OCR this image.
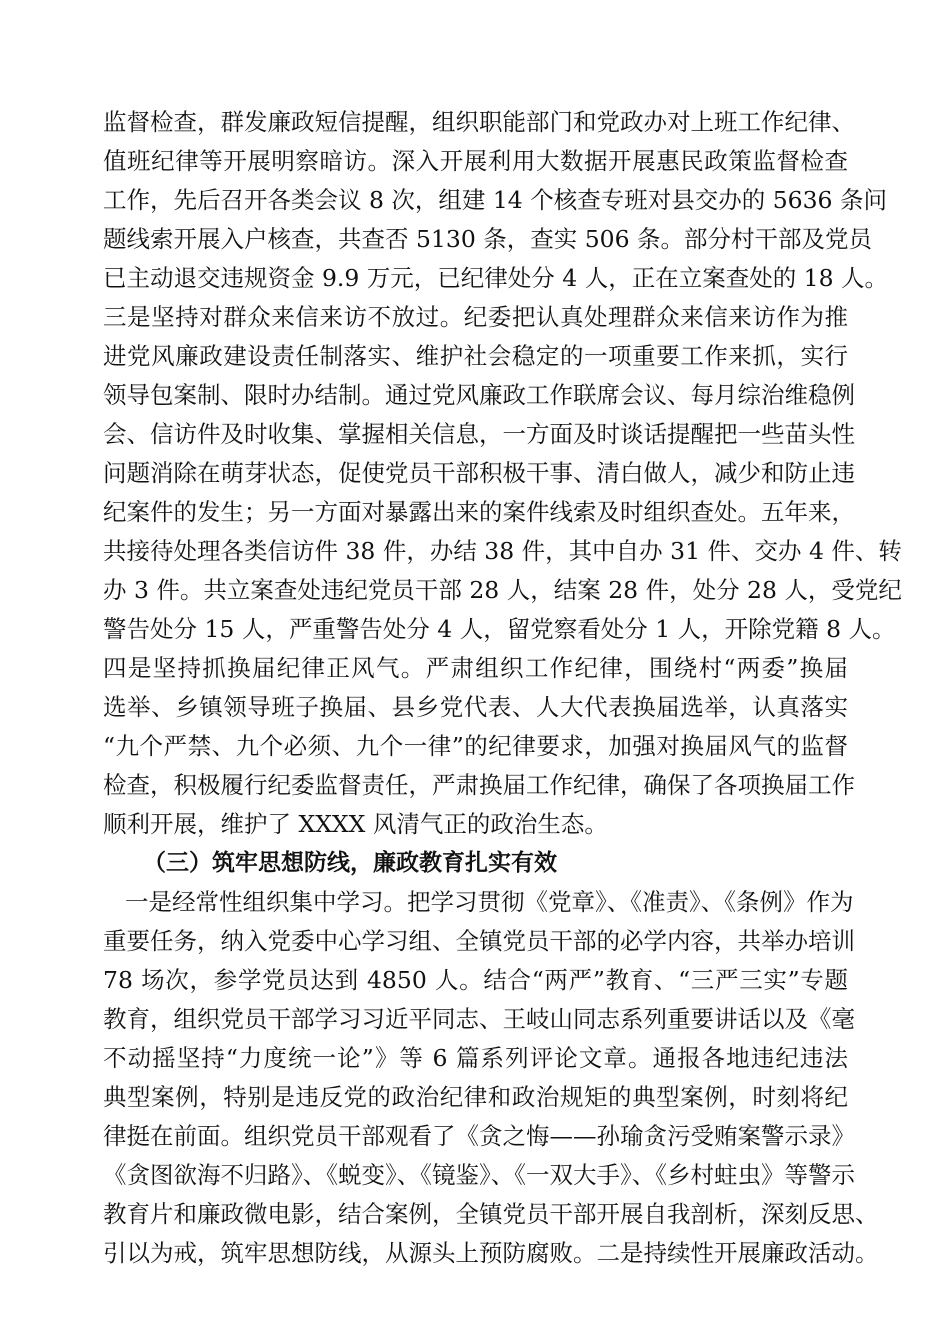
监督检查，群发廉政短信提醒，组织职能部门和党政办对上班工作纪律、
值班纪律等开展明察暗访。深入开展利用大数据开展惠民政策监督检查
工作，先后召开各类会议 8 次，组建 14 个核查专班对县交办的 5636 条问
题线索开展入户核查，共查否 5130 条，查实 506 条。部分村干部及党员
已主动退交违规资金 9.9 万元，已纪律处分 4 人，正在立案查处的 18 人。
三是坚持对群众来信来访不放过。纪委把认真处理群众来信来访作为推
进党风廉政建设责任制落实、维护社会稳定的一项重要工作来抓，实行
领导包案制、限时办结制。通过党风廉政工作联席会议、每月综治维稳例
会、信访件及时收集、掌握相关信息，一方面及时谈话提醒把一些苗头性
问题消除在萌芽状态，促使党员干部积极干事、清白做人，减少和防止违
纪案件的发生；另一方面对暴露出来的案件线索及时组织查处。五年来，
共接待处理各类信访件 38 件，办结 38 件，其中自办 31 件、交办 4 件、转
办 3 件。共立案查处违纪党员干部 28 人，结案 28 件，处分 28 人，受党纪
警告处分 15 人，严重警告处分 4 人，留党察看处分 1 人，开除党籍 8 人。
四是坚持抓换届纪律正风气。严肃组织工作纪律，围绕村“两委”换届
选举、乡镇领导班子换届、县乡党代表、人大代表换届选举，认真落实
“九个严禁、九个必须、九个一律”的纪律要求，加强对换届风气的监督
检查，积极履行纪委监督责任，严肃换届工作纪律，确保了各项换届工作
顺利开展，维护了 XXXX 风清气正的政治生态。
（三）筑牢思想防线，廉政教育扎实有效
一是经常性组织集中学习。把学习贯彻《党章》、《准责》、《条例》作为
重要任务，纳入党委中心学习组、全镇党员干部的必学内容，共举办培训
78 场次，参学党员达到 4850 人。结合“两严”教育、“三严三实”专题
教育，组织党员干部学习习近平同志、王岐山同志系列重要讲话以及《毫
不动摇坚持“力度统一论”》等 6 篇系列评论文章。通报各地违纪违法
典型案例，特别是违反党的政治纪律和政治规矩的典型案例，时刻将纪
律挺在前面。组织党员干部观看了《贪之悔——孙瑜贪污受贿案警示录》
《贪图欲海不归路》、《蜕变》、《镜鉴》、《一双大手》、《乡村蛀虫》等警示
教育片和廉政微电影，结合案例，全镇党员干部开展自我剖析，深刻反思、
引以为戒，筑牢思想防线，从源头上预防腐败。二是持续性开展廉政活动。
